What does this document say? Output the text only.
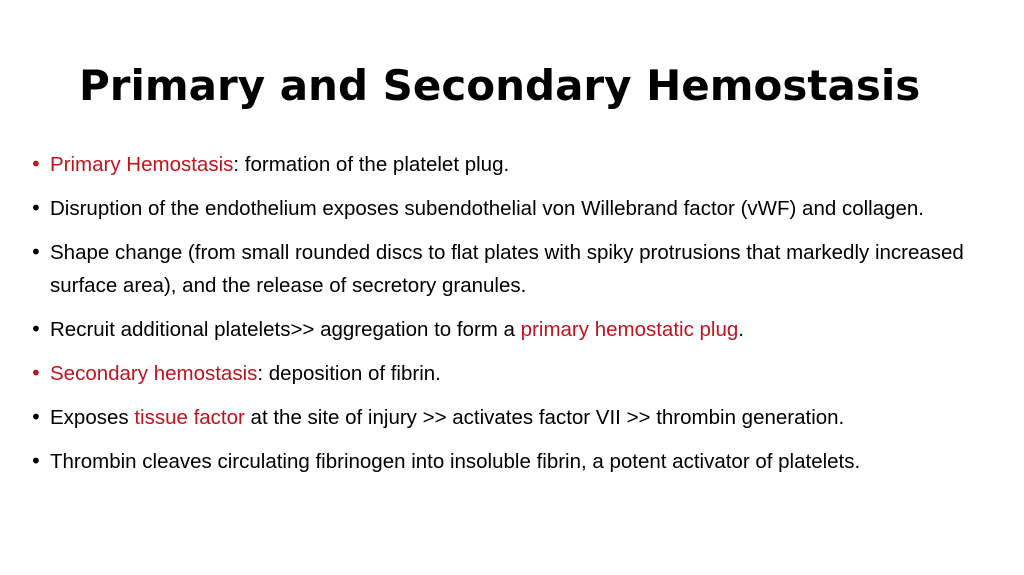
Primary and Secondary Hemostasis
• Primary Hemostasis: formation of the platelet plug.
• Disruption of the endothelium exposes subendothelial von Willebrand factor (vWF) and collagen.
• Shape change (from small rounded discs to flat plates with spiky protrusions that markedly increased surface area), and the release of secretory granules.
• Recruit additional platelets>> aggregation to form a primary hemostatic plug.
• Secondary hemostasis: deposition of fibrin.
• Exposes tissue factor at the site of injury >> activates factor VII >> thrombin generation.
• Thrombin cleaves circulating fibrinogen into insoluble fibrin, a potent activator of platelets.
